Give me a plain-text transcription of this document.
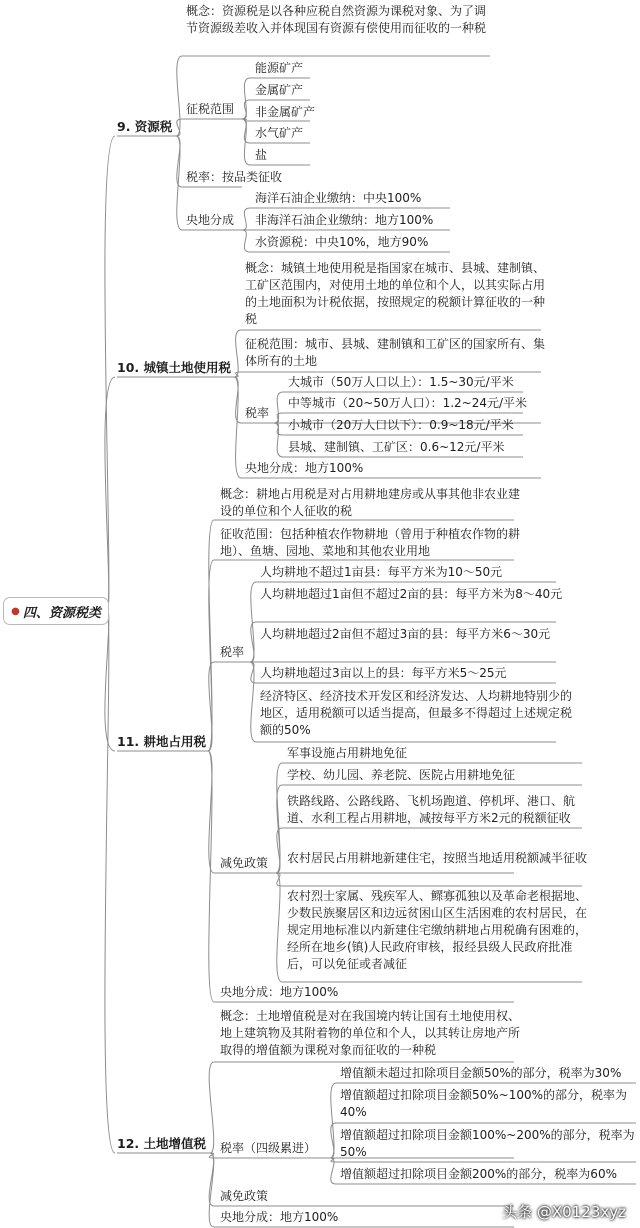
● 四、资源税类
9. 资源税
概念：资源税是以各种应税自然资源为课税对象、为了调节资源级差收入并体现国有资源有偿使用而征收的一种税
征税范围
能源矿产
金属矿产
非金属矿产
水气矿产
盐
税率：按品类征收
央地分成
海洋石油企业缴纳：中央100%
非海洋石油企业缴纳：地方100%
水资源税：中央10%，地方90%
10. 城镇土地使用税
概念：城镇土地使用税是指国家在城市、县城、建制镇、工矿区范围内，对使用土地的单位和个人，以其实际占用的土地面积为计税依据，按照规定的税额计算征收的一种税
征税范围：城市、县城、建制镇和工矿区的国家所有、集体所有的土地
税率
大城市（50万人口以上）：1.5~30元/平米
中等城市（20~50万人口）：1.2~24元/平米
小城市（20万人口以下）：0.9~18元/平米
县城、建制镇、工矿区：0.6~12元/平米
央地分成：地方100%
11. 耕地占用税
概念：耕地占用税是对占用耕地建房或从事其他非农业建设的单位和个人征收的税
征收范围：包括种植农作物耕地（曾用于种植农作物的耕地）、鱼塘、园地、菜地和其他农业用地
税率
人均耕地不超过1亩县：每平方米为10～50元
人均耕地超过1亩但不超过2亩的县：每平方米为8～40元
人均耕地超过2亩但不超过3亩的县：每平方米6～30元
人均耕地超过3亩以上的县：每平方米5～25元
经济特区、经济技术开发区和经济发达、人均耕地特别少的地区，适用税额可以适当提高，但最多不得超过上述规定税额的50%
减免政策
军事设施占用耕地免征
学校、幼儿园、养老院、医院占用耕地免征
铁路线路、公路线路、飞机场跑道、停机坪、港口、航道、水利工程占用耕地，减按每平方米2元的税额征收
农村居民占用耕地新建住宅，按照当地适用税额减半征收
农村烈士家属、残疾军人、鳏寡孤独以及革命老根据地、少数民族聚居区和边远贫困山区生活困难的农村居民，在规定用地标准以内新建住宅缴纳耕地占用税确有困难的，经所在地乡(镇)人民政府审核，报经县级人民政府批准后，可以免征或者减征
央地分成：地方100%
12. 土地增值税
概念：土地增值税是对在我国境内转让国有土地使用权、地上建筑物及其附着物的单位和个人，以其转让房地产所取得的增值额为课税对象而征收的一种税
税率（四级累进）
增值额未超过扣除项目金额50%的部分，税率为30%
增值额超过扣除项目金额50%~100%的部分，税率为40%
增值额超过扣除项目金额100%~200%的部分，税率为50%
增值额超过扣除项目金额200%的部分，税率为60%
减免政策
央地分成：地方100%	头条 @X0123xyz
